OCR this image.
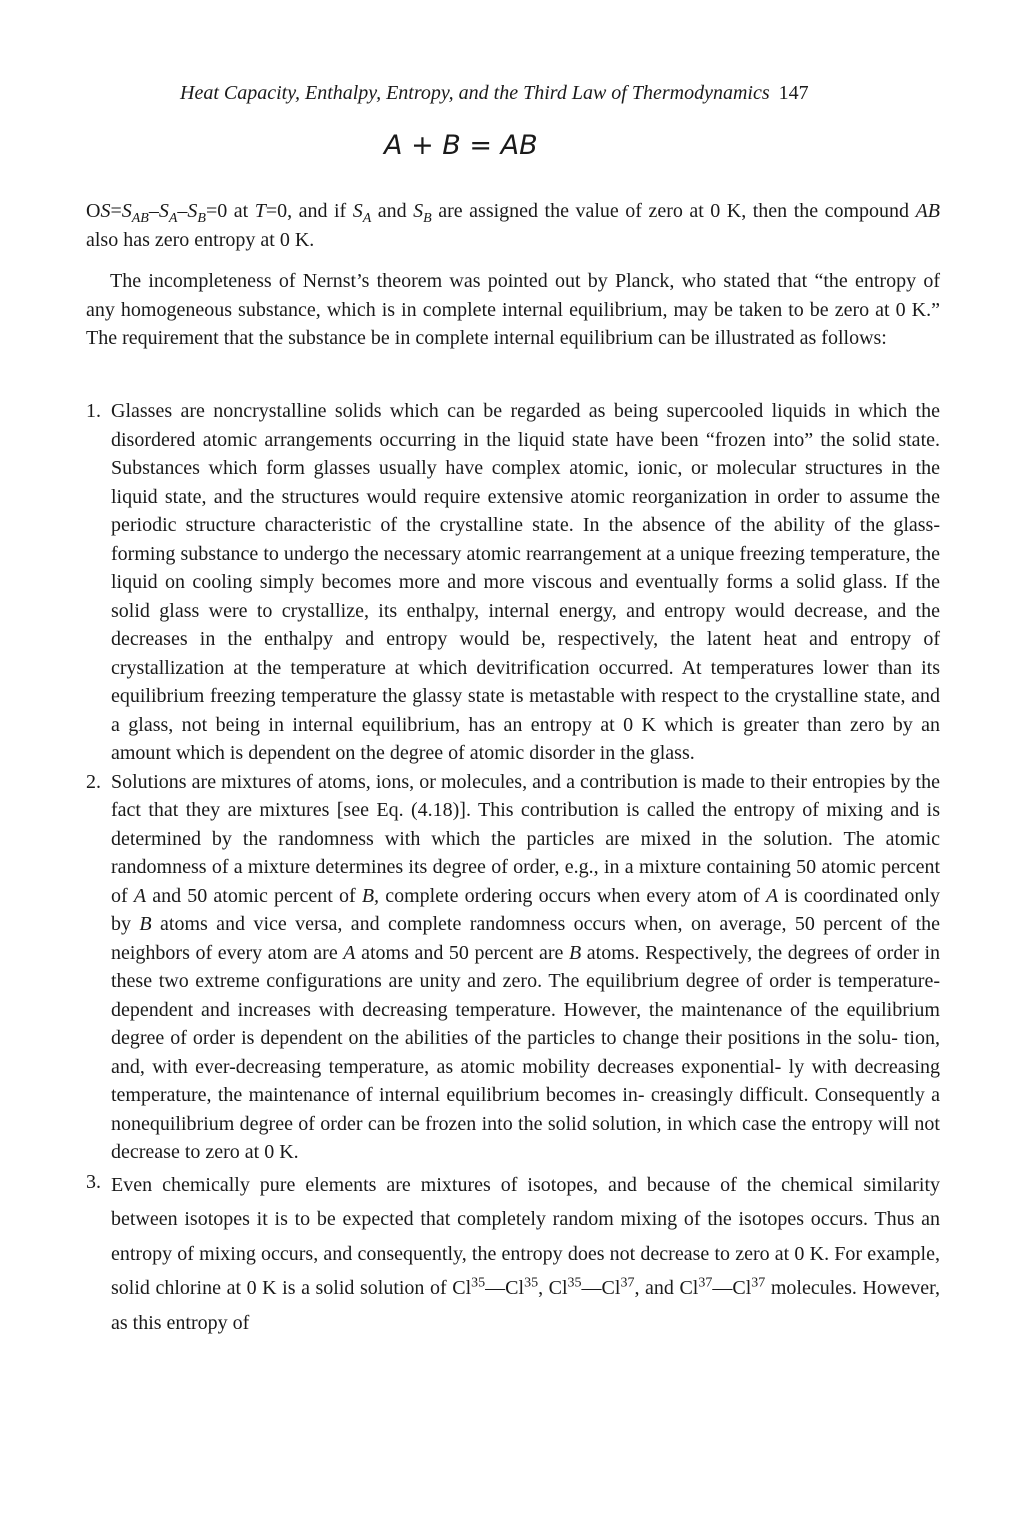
Heat Capacity, Enthalpy, Entropy, and the Third Law of Thermodynamics 147
A + B = AB
$OS=S_{AB}-S_A-S_B=0$ at T=0, and if $S_A$ and $S_B$ are assigned the value of zero at 0 K, then the compound AB also has zero entropy at 0 K.
The incompleteness of Nernst’s theorem was pointed out by Planck, who stated that “the entropy of any homogeneous substance, which is in complete internal equilibrium, may be taken to be zero at 0 K.” The requirement that the substance be in complete internal equilibrium can be illustrated as follows:
1. Glasses are noncrystalline solids which can be regarded as being supercooled liquids in which the disordered atomic arrangements occurring in the liquid state have been “frozen into” the solid state. Substances which form glasses usually have complex atomic, ionic, or molecular structures in the liquid state, and the structures would require extensive atomic reorganization in order to assume the periodic structure characteristic of the crystalline state. In the absence of the ability of the glass-forming substance to undergo the necessary atomic rearrangement at a unique freezing temperature, the liquid on cooling simply becomes more and more viscous and eventually forms a solid glass. If the solid glass were to crystallize, its enthalpy, internal energy, and entropy would decrease, and the decreases in the enthalpy and entropy would be, respectively, the latent heat and entropy of crystallization at the temperature at which devitrification occurred. At temperatures lower than its equilibrium freezing temperature the glassy state is metastable with respect to the crystalline state, and a glass, not being in internal equilibrium, has an entropy at 0 K which is greater than zero by an amount which is dependent on the degree of atomic disorder in the glass.
2. Solutions are mixtures of atoms, ions, or molecules, and a contribution is made to their entropies by the fact that they are mixtures [see Eq. (4.18)]. This contribution is called the entropy of mixing and is determined by the randomness with which the particles are mixed in the solution. The atomic randomness of a mixture determines its degree of order, e.g., in a mixture containing 50 atomic percent of A and 50 atomic percent of B, complete ordering occurs when every atom of A is coordinated only by B atoms and vice versa, and complete randomness occurs when, on average, 50 percent of the neighbors of every atom are A atoms and 50 percent are B atoms. Respectively, the degrees of order in these two extreme configurations are unity and zero. The equilibrium degree of order is temperature-dependent and increases with decreasing temperature. However, the maintenance of the equilibrium degree of order is dependent on the abilities of the particles to change their positions in the solu- tion, and, with ever-decreasing temperature, as atomic mobility decreases exponential- ly with decreasing temperature, the maintenance of internal equilibrium becomes in- creasingly difficult. Consequently a nonequilibrium degree of order can be frozen into the solid solution, in which case the entropy will not decrease to zero at 0 K.
3. Even chemically pure elements are mixtures of isotopes, and because of the chemical similarity between isotopes it is to be expected that completely random mixing of the isotopes occurs. Thus an entropy of mixing occurs, and consequently, the entropy does not decrease to zero at 0 K. For example, solid chlorine at 0 K is a solid solution of Cl$^{35}$—Cl$^{35}$, Cl$^{35}$—Cl$^{37}$, and Cl$^{37}$—Cl$^{37}$ molecules. However, as this entropy of
